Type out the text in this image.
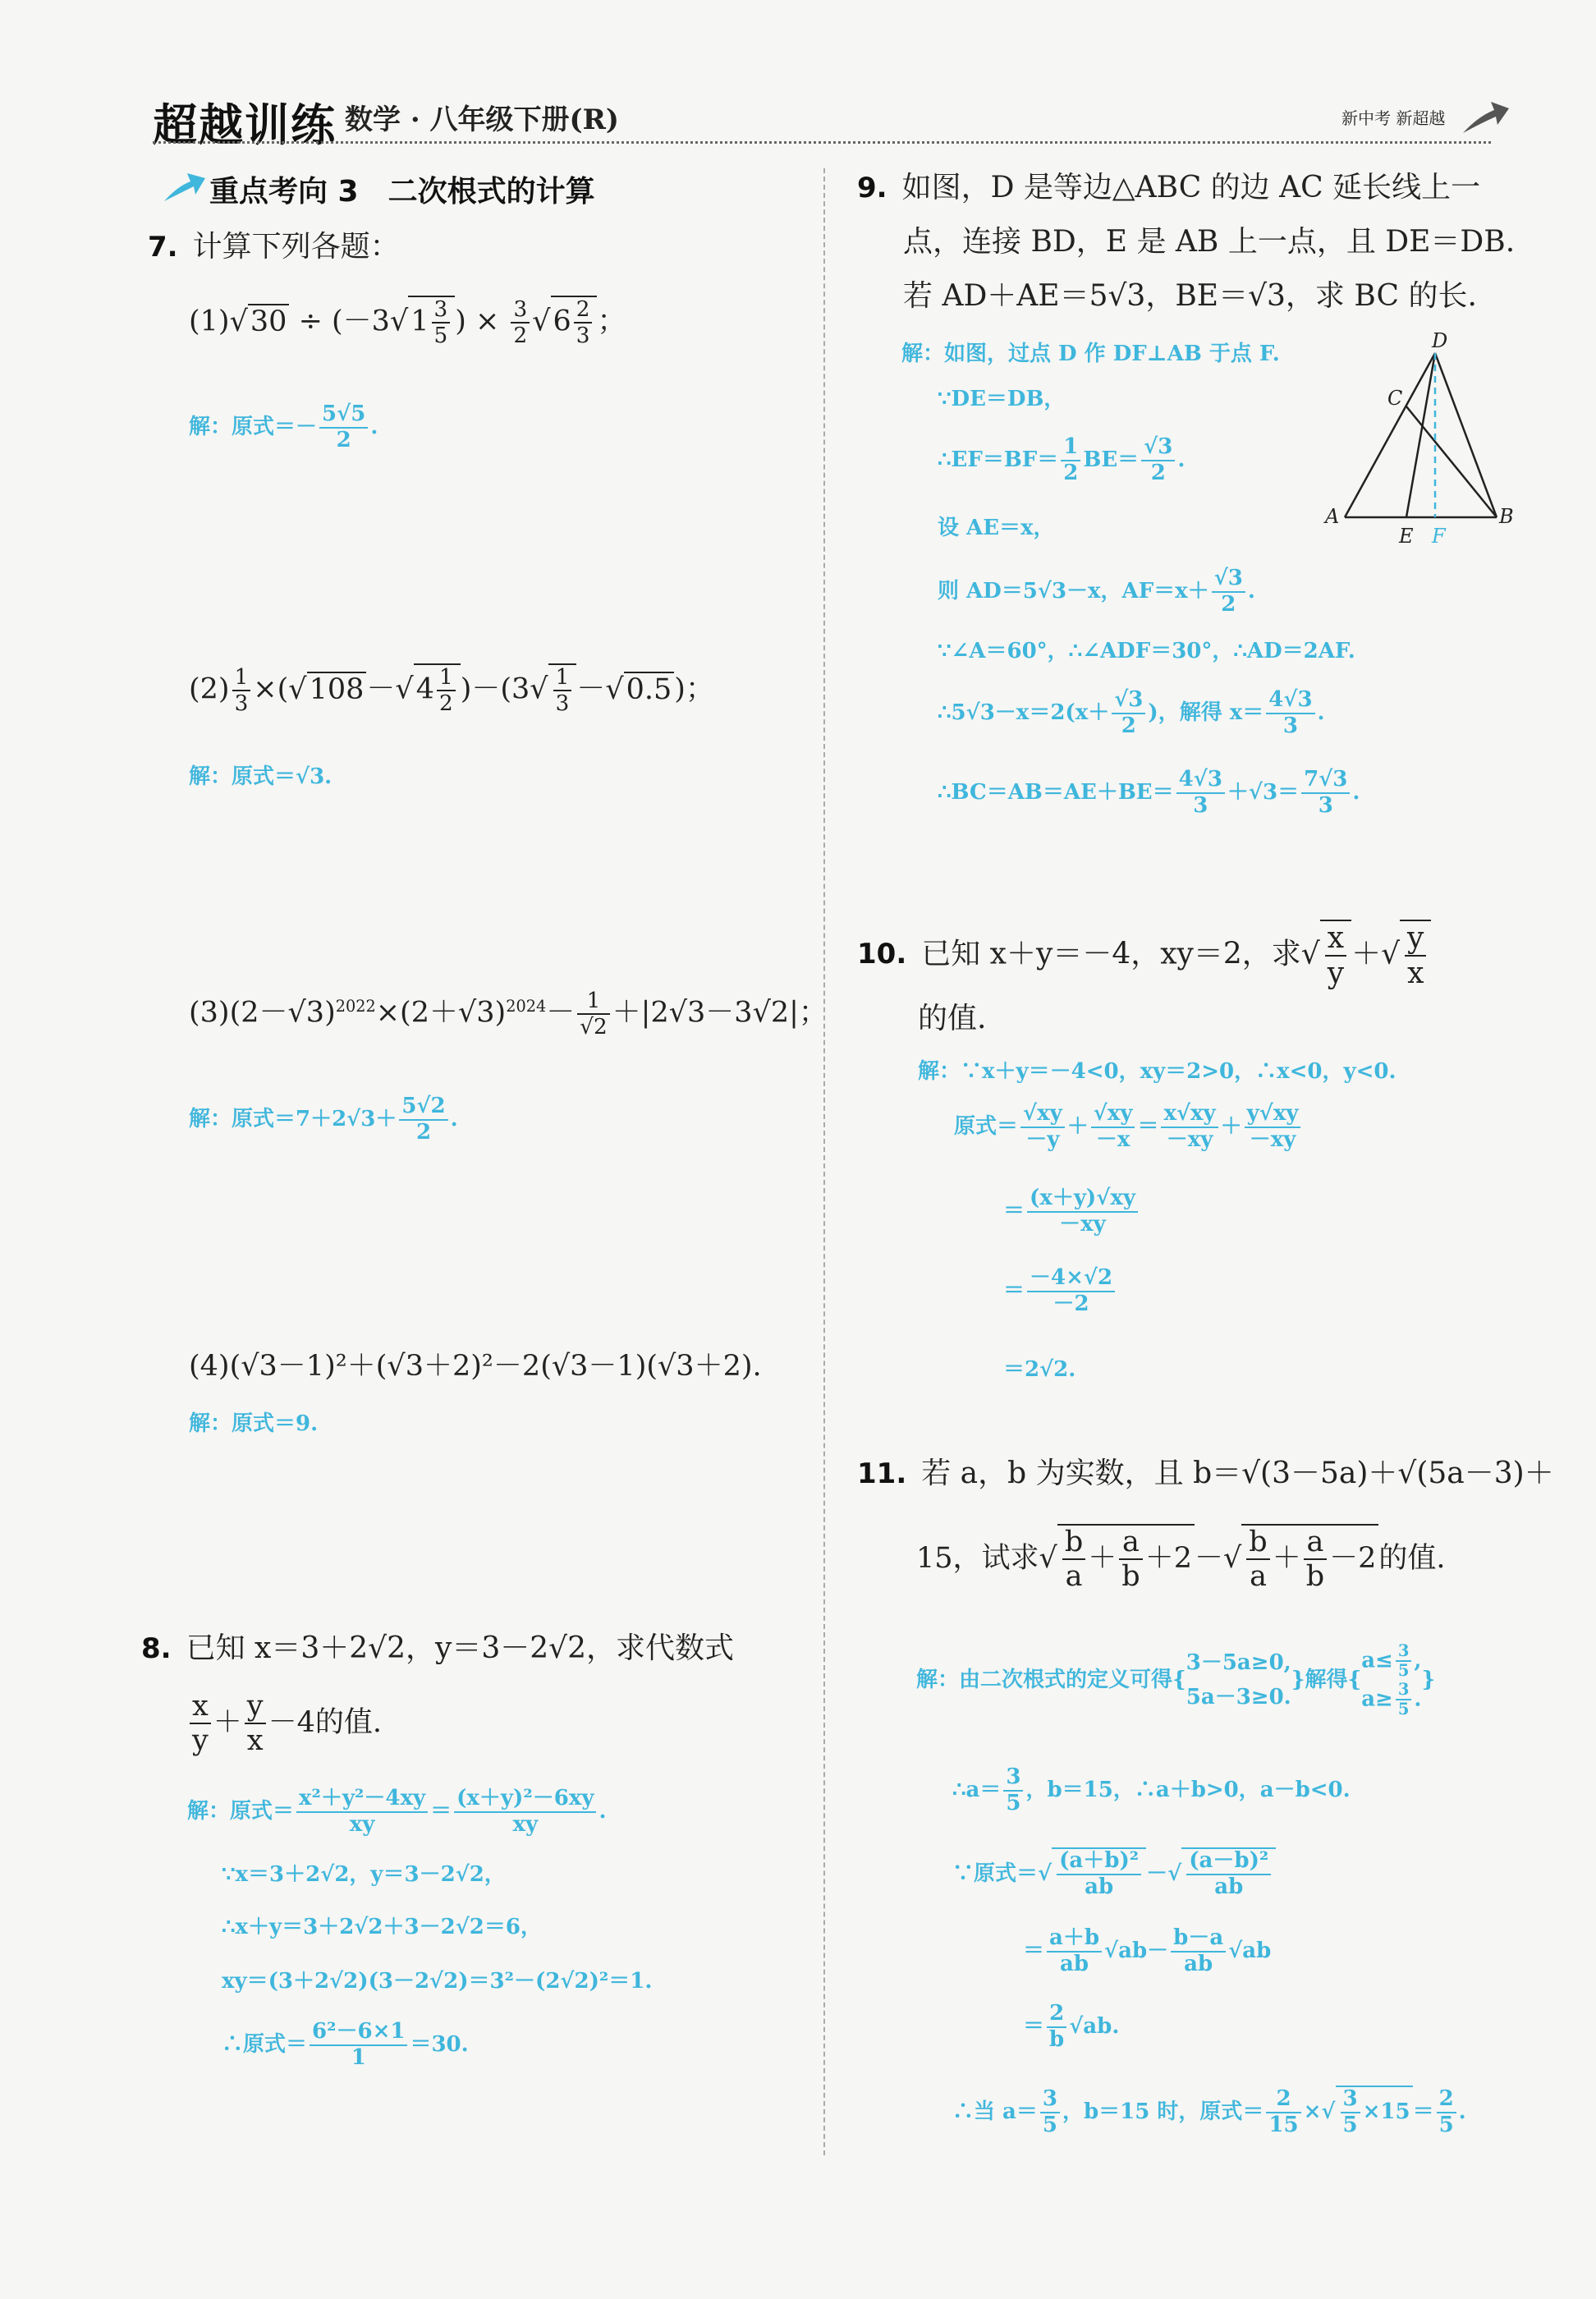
超越训练 数学 · 八年级下册(R)	新中考 新超越
重点考向 3　二次根式的计算
7. 计算下列各题：
$(1)√30 \div (-3√1 \frac{3}{5}$ ) × $\frac{3}{2} √6 \frac{2}{3}$ ；
解：原式＝－ $\frac{5√5}{2}$ .
$(2) \frac{1}{3} \times(√108-√4 \frac{1}{2} )-(3√ \frac{1}{3} -√0.5)$；
解：原式＝√3.
$(3)(2-√3)^{2022}\times(2+√3)^{2024}- \frac{1}{√2} +|2√3-3√2|$；
解：原式$=7+2√3+ \frac{5√2}{2}$ .
(4)(√3－1)²＋(√3＋2)²－2(√3－1)(√3＋2).
解：原式＝9.
8. 已知 x＝3＋2√2，y＝3－2√2，求代数式
$\frac{x}{y} + \frac{y}{x} -4$的值.
解：原式＝ $\frac{\text{x²＋y²－4xy}}{xy} = \frac{\text{(x＋y)²－6xy}}{xy}$ .
∵x＝3＋2√2，y＝3－2√2，
∴x＋y＝3＋2√2＋3－2√2＝6，
xy＝(3＋2√2)(3－2√2)＝3²－(2√2)²＝1.
∴原式＝ $\frac{\text{6²－6×1}}{1} =30$.
9. 如图，D 是等边△ABC 的边 AC 延长线上一
点，连接 BD，E 是 AB 上一点，且 DE＝DB.
若 AD＋AE＝5√3，BE＝√3，求 BC 的长.
解：如图，过点 D 作 DF⊥AB 于点 F.
∵DE＝DB，
∴EF＝BF＝ $\frac{1}{2} BE= \frac{√3}{2}$ .
设 AE＝x，
则 AD＝5√3－x，$AF=x+ \frac{√3}{2}$ .
∵∠A＝60°，∴∠ADF＝30°，∴AD＝2AF.
∴5√3－x＝2(x＋ $\frac{√3}{2}$ )，解得 $x= \frac{4√3}{3}$ .
∴BC＝AB＝AE＋BE＝ $\frac{4√3}{3} +√3= \frac{7√3}{3}$ .
D
C
A
E F
B
10. 已知 x＋y＝－4，xy＝2，求√ $\frac{x}{y}$ ＋√ $\frac{y}{x}$
的值.
解：∵x＋y＝－4<0，xy＝2>0，∴x<0，y<0.
原式＝ $\frac{√xy}{-y} + \frac{√xy}{-x} = \frac{x√xy}{-xy} + \frac{y√xy}{-xy}$
＝ $\frac{(x+y)√xy}{-xy}$
＝ $\frac{-4\times√2}{-2}$
＝2√2.
11. 若 a，b 为实数，且 b＝√(3－5a)＋√(5a－3)＋
15，试求√ $\frac{b}{a} + \frac{a}{b} +2-√ \frac{b}{a} + \frac{a}{b} -2$的值.
解：由二次根式的定义可得{3－5a≥0,
5a－3≥0.}解得{$a\le \frac{3}{5}$ ,
$a\ge \frac{3}{5}$ .}
∴a＝ $\frac{3}{5}$ ，b＝15，∴a＋b>0，a－b<0.
∵原式＝√ $\frac{\text{(a＋b)²}}{ab}$ －√ $\frac{\text{(a－b)²}}{ab}$
＝ $\frac{a+b}{ab} √ab- \frac{b-a}{ab} √ab$
＝ $\frac{2}{b} √ab$.
∴当 $a= \frac{3}{5}$ ，b＝15 时，原式＝ $\frac{2}{15}$ ×√ $\frac{3}{5} \times 15 = \frac{2}{5}$ .
